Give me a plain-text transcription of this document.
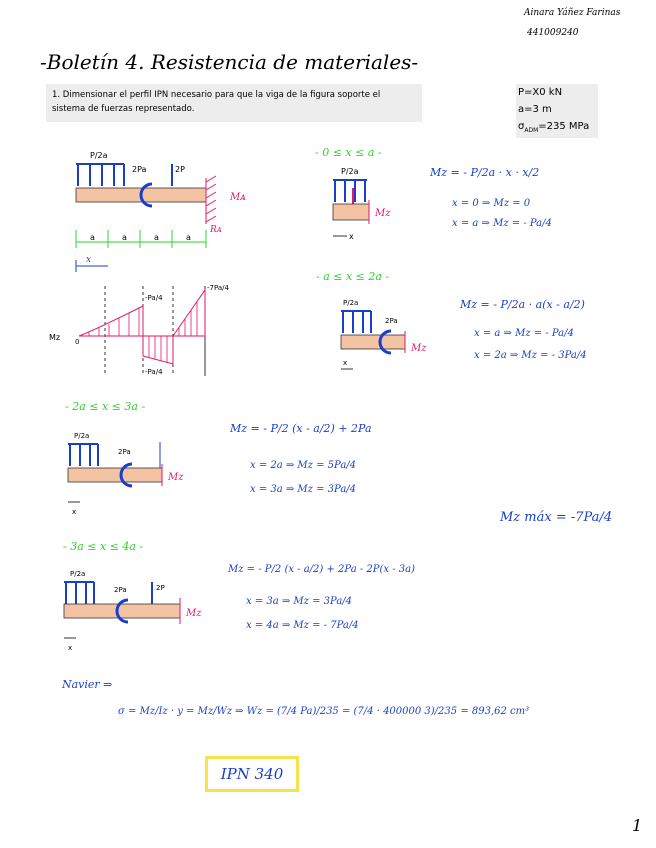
Ainara Yáñez Farinas
441009240
-Boletín 4. Resistencia de materiales-
1. Dimensionar el perfil IPN necesario para que la viga de la figura soporte el
sistema de fuerzas representado.
P=X0 kN
a=3 m
$\sigma_{ADM}=235$ MPa
P/2a
2Pa	2P
Mᴀ
Rᴀ
a	a	a	a
x
Mz 0
-Pa/4
-Pa/4
-7Pa/4
- 0 ≤ x ≤ a -
P/2a
Mz
x
Mz = - P/2a · x · x/2
x = 0 ⇒ Mz = 0
x = a ⇒ Mz = - Pa/4
- a ≤ x ≤ 2a -
P/2a
2Pa
Mz
x
Mz = - P/2a · a(x - a/2)
x = a ⇒ Mz = - Pa/4
x = 2a ⇒ Mz = - 3Pa/4
- 2a ≤ x ≤ 3a -
P/2a
2Pa
Mz
x
Mz = - P/2 (x - a/2) + 2Pa
x = 2a ⇒ Mz = 5Pa/4
x = 3a ⇒ Mz = 3Pa/4
Mz máx = -7Pa/4
- 3a ≤ x ≤ 4a -
P/2a
2Pa	2P
Mz
x
Mz = - P/2 (x - a/2) + 2Pa - 2P(x - 3a)
x = 3a ⇒ Mz = 3Pa/4
x = 4a ⇒ Mz = - 7Pa/4
Navier ⇒
σ = Mz/Iz · y = Mz/Wz ⇒ Wz = (7/4 Pa)/235 = (7/4 · 400000 3)/235 = 893,62 cm³
IPN 340
1
